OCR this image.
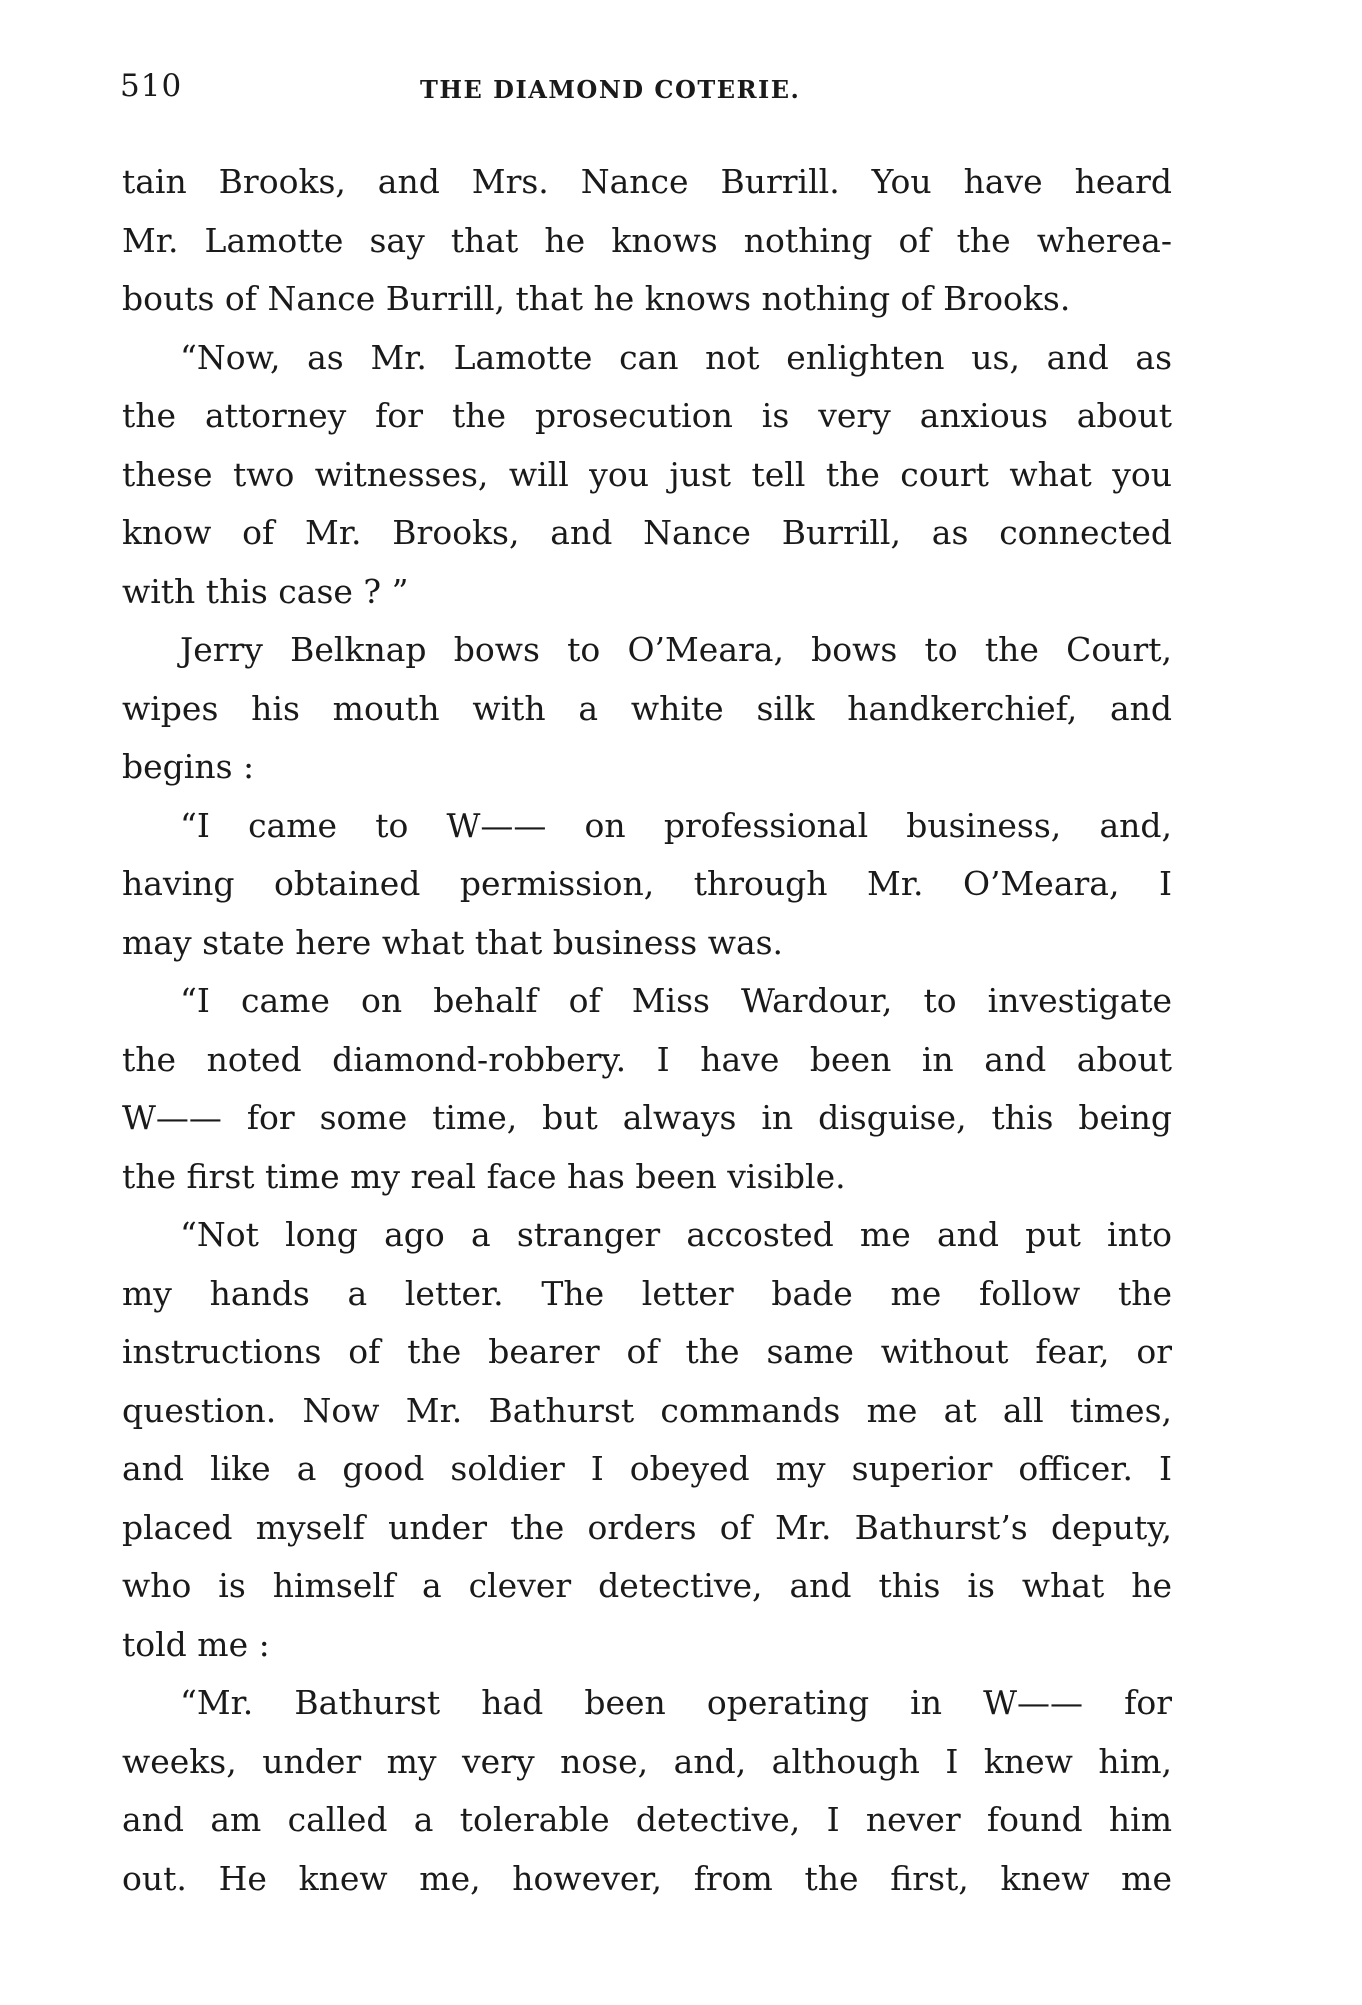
510	THE DIAMOND COTERIE.
tain Brooks, and Mrs. Nance Burrill. You have heard
Mr. Lamotte say that he knows nothing of the wherea-
bouts of Nance Burrill, that he knows nothing of Brooks.
“Now, as Mr. Lamotte can not enlighten us, and as
the attorney for the prosecution is very anxious about
these two witnesses, will you just tell the court what you
know of Mr. Brooks, and Nance Burrill, as connected
with this case ? ”
Jerry Belknap bows to O’Meara, bows to the Court,
wipes his mouth with a white silk handkerchief, and
begins :
“I came to W—— on professional business, and,
having obtained permission, through Mr. O’Meara, I
may state here what that business was.
“I came on behalf of Miss Wardour, to investigate
the noted diamond-robbery. I have been in and about
W—— for some time, but always in disguise, this being
the first time my real face has been visible.
“Not long ago a stranger accosted me and put into
my hands a letter. The letter bade me follow the
instructions of the bearer of the same without fear, or
question. Now Mr. Bathurst commands me at all times,
and like a good soldier I obeyed my superior officer. I
placed myself under the orders of Mr. Bathurst’s deputy,
who is himself a clever detective, and this is what he
told me :
“Mr. Bathurst had been operating in W—— for
weeks, under my very nose, and, although I knew him,
and am called a tolerable detective, I never found him
out. He knew me, however, from the first, knew me
